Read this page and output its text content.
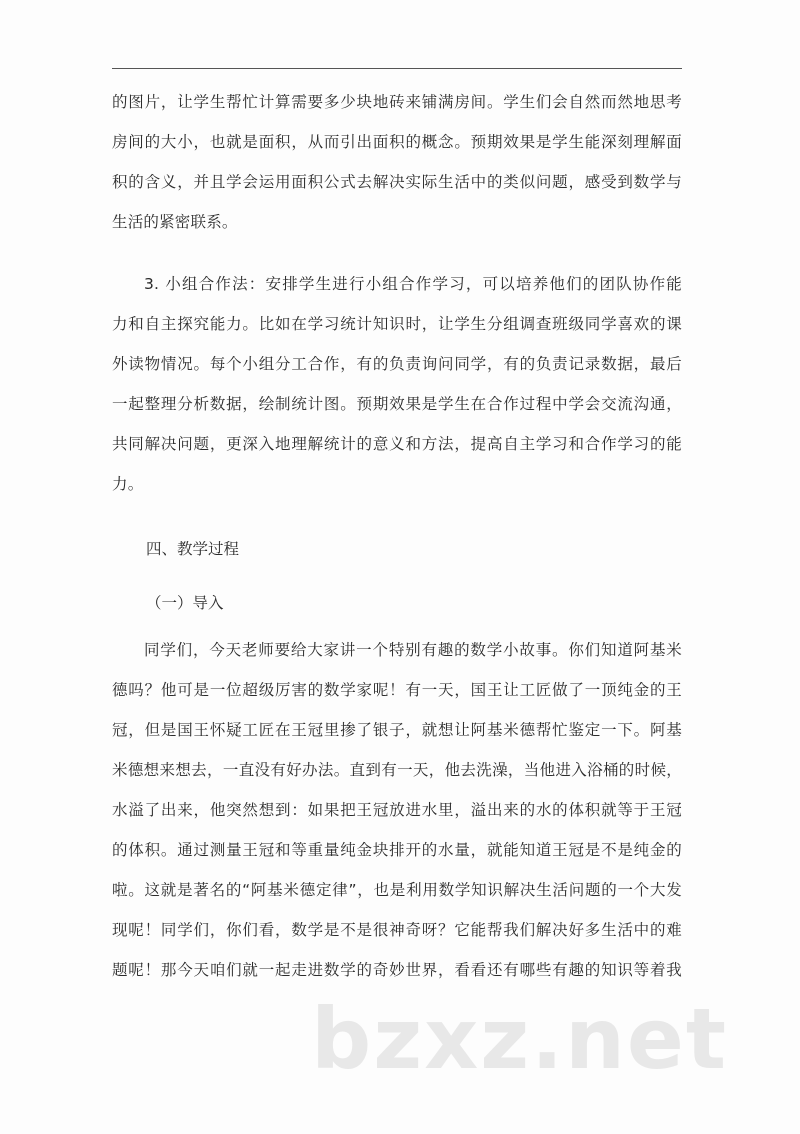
的图片，让学生帮忙计算需要多少块地砖来铺满房间。学生们会自然而然地思考
房间的大小，也就是面积，从而引出面积的概念。预期效果是学生能深刻理解面
积的含义，并且学会运用面积公式去解决实际生活中的类似问题，感受到数学与
生活的紧密联系。
3. 小组合作法：安排学生进行小组合作学习，可以培养他们的团队协作能
力和自主探究能力。比如在学习统计知识时，让学生分组调查班级同学喜欢的课
外读物情况。每个小组分工合作，有的负责询问同学，有的负责记录数据，最后
一起整理分析数据，绘制统计图。预期效果是学生在合作过程中学会交流沟通，
共同解决问题，更深入地理解统计的意义和方法，提高自主学习和合作学习的能
力。
四、教学过程
（一）导入
同学们，今天老师要给大家讲一个特别有趣的数学小故事。你们知道阿基米
德吗？他可是一位超级厉害的数学家呢！有一天，国王让工匠做了一顶纯金的王
冠，但是国王怀疑工匠在王冠里掺了银子，就想让阿基米德帮忙鉴定一下。阿基
米德想来想去，一直没有好办法。直到有一天，他去洗澡，当他进入浴桶的时候，
水溢了出来，他突然想到：如果把王冠放进水里，溢出来的水的体积就等于王冠
的体积。通过测量王冠和等重量纯金块排开的水量，就能知道王冠是不是纯金的
啦。这就是著名的“阿基米德定律”，也是利用数学知识解决生活问题的一个大发
现呢！同学们，你们看，数学是不是很神奇呀？它能帮我们解决好多生活中的难
题呢！那今天咱们就一起走进数学的奇妙世界，看看还有哪些有趣的知识等着我
bzxz.net
